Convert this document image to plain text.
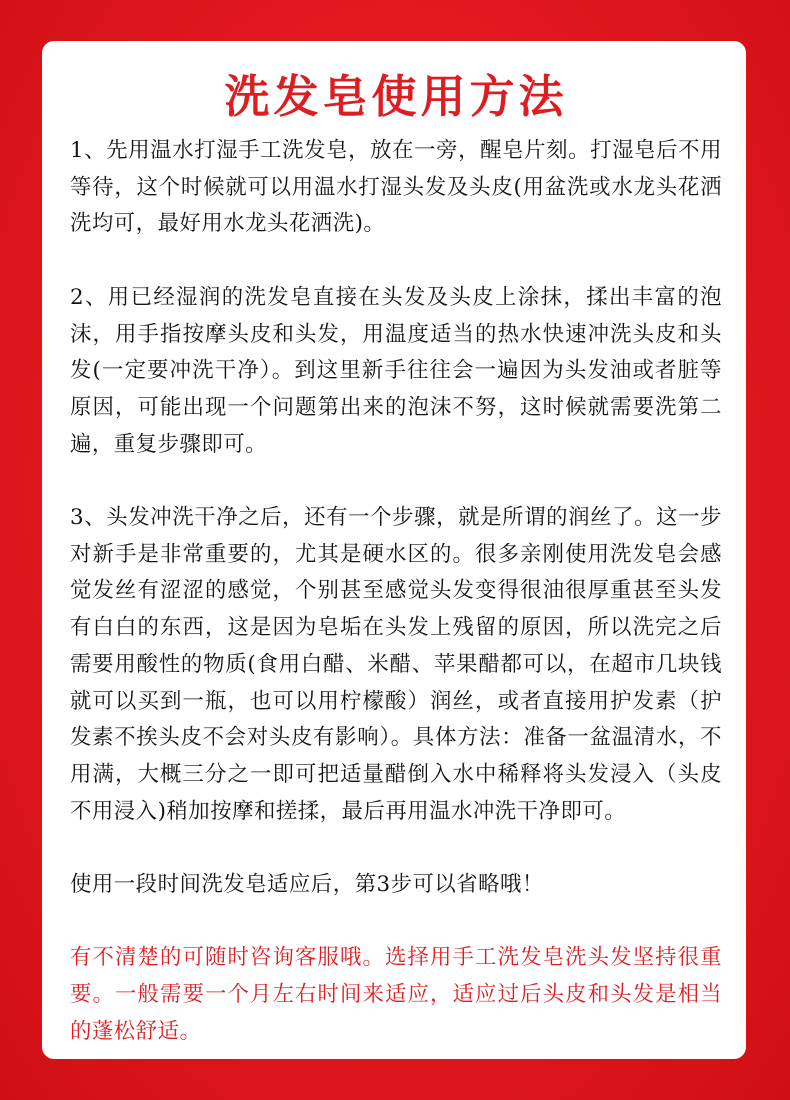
洗发皂使用方法

1、先用温水打湿手工洗发皂，放在一旁，醒皂片刻。打湿皂后不用等待，这个时候就可以用温水打湿头发及头皮(用盆洗或水龙头花洒洗均可，最好用水龙头花洒洗)。

2、用已经湿润的洗发皂直接在头发及头皮上涂抹，揉出丰富的泡沫，用手指按摩头皮和头发，用温度适当的热水快速冲洗头皮和头发(一定要冲洗干净）。到这里新手往往会一遍因为头发油或者脏等原因，可能出现一个问题第出来的泡沫不努，这时候就需要洗第二遍，重复步骤即可。

3、头发冲洗干净之后，还有一个步骤，就是所谓的润丝了。这一步对新手是非常重要的，尤其是硬水区的。很多亲刚使用洗发皂会感觉发丝有涩涩的感觉，个别甚至感觉头发变得很油很厚重甚至头发有白白的东西，这是因为皂垢在头发上残留的原因，所以洗完之后需要用酸性的物质(食用白醋、米醋、苹果醋都可以，在超市几块钱就可以买到一瓶，也可以用柠檬酸）润丝，或者直接用护发素（护发素不挨头皮不会对头皮有影响）。具体方法：准备一盆温清水，不用满，大概三分之一即可把适量醋倒入水中稀释将头发浸入（头皮不用浸入)稍加按摩和搓揉，最后再用温水冲洗干净即可。

使用一段时间洗发皂适应后，第3步可以省略哦！

有不清楚的可随时咨询客服哦。选择用手工洗发皂洗头发坚持很重要。一般需要一个月左右时间来适应，适应过后头皮和头发是相当的蓬松舒适。
